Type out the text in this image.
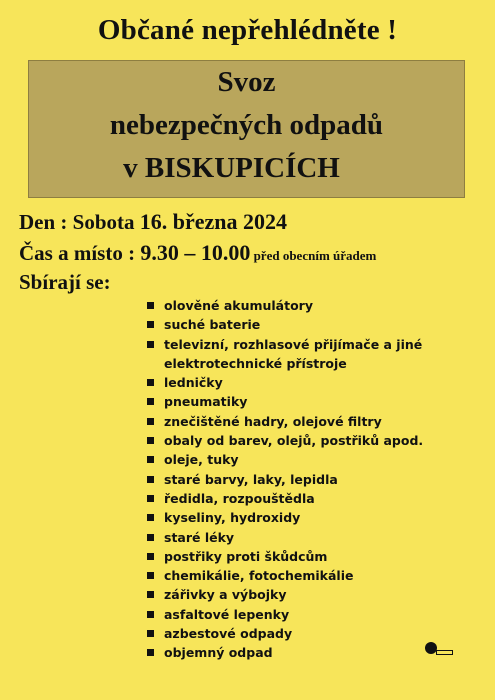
Občané nepřehlédněte !
Svoz
nebezpečných odpadů
v BISKUPICÍCH
Den : Sobota 16. března 2024
Čas a místo : 9.30 – 10.00 před obecním úřadem
Sbírají se:
olověné akumulátory
suché baterie
televizní, rozhlasové přijímače a jiné elektrotechnické přístroje
ledničky
pneumatiky
znečištěné hadry, olejové filtry
obaly od barev, olejů, postřiků apod.
oleje, tuky
staré barvy, laky, lepidla
ředidla, rozpouštědla
kyseliny, hydroxidy
staré léky
postřiky proti škůdcům
chemikálie, fotochemikálie
zářivky a výbojky
asfaltové lepenky
azbestové odpady
objemný odpad
